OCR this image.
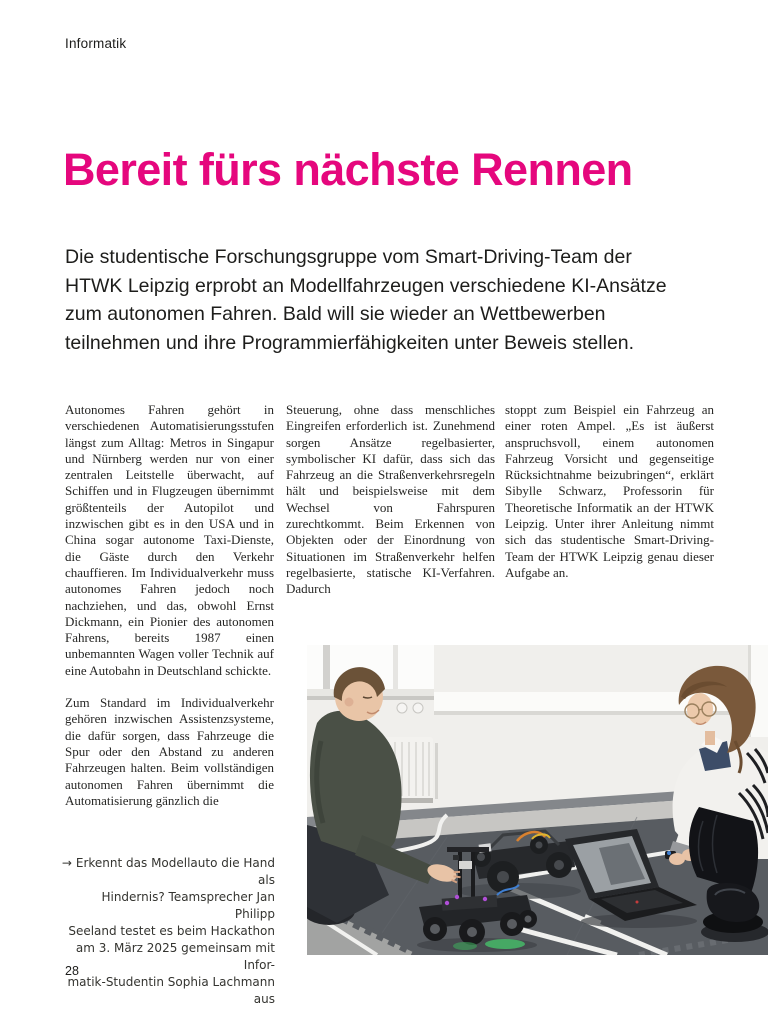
Informatik
Bereit fürs nächste Rennen
Die studentische Forschungsgruppe vom Smart-Driving-Team der
HTWK Leipzig erprobt an Modellfahrzeugen verschiedene KI-Ansätze
zum autonomen Fahren. Bald will sie wieder an Wettbewerben
teilnehmen und ihre Programmierfähigkeiten unter Beweis stellen.

Autonomes Fahren gehört in verschiedenen Automatisierungsstufen längst zum Alltag: Metros in Singapur und Nürnberg werden nur von einer zentralen Leitstelle überwacht, auf Schiffen und in Flugzeugen übernimmt größtenteils der Autopilot und inzwischen gibt es in den USA und in China sogar autonome Taxi-Dienste, die Gäste durch den Verkehr chauffieren. Im Individualverkehr muss autonomes Fahren jedoch noch nachziehen, und das, obwohl Ernst Dickmann, ein Pionier des autonomen Fahrens, bereits 1987 einen unbemannten Wagen voller Technik auf eine Autobahn in Deutschland schickte.

Zum Standard im Individualverkehr gehören inzwischen Assistenzsysteme, die dafür sorgen, dass Fahrzeuge die Spur oder den Abstand zu anderen Fahrzeugen halten. Beim vollständigen autonomen Fahren übernimmt die Automatisierung gänzlich die

Steuerung, ohne dass menschliches Eingreifen erforderlich ist. Zunehmend sorgen Ansätze regelbasierter, symbolischer KI dafür, dass sich das Fahrzeug an die Straßenverkehrsregeln hält und beispielsweise mit dem Wechsel von Fahrspuren zurechtkommt. Beim Erkennen von Objekten oder der Einordnung von Situationen im Straßenverkehr helfen regelbasierte, statische KI-Verfahren. Dadurch

stoppt zum Beispiel ein Fahrzeug an einer roten Ampel. „Es ist äußerst anspruchsvoll, einem autonomen Fahrzeug Vorsicht und gegenseitige Rücksichtnahme beizubringen“, erklärt Sibylle Schwarz, Professorin für Theoretische Informatik an der HTWK Leipzig. Unter ihrer Anleitung nimmt sich das studentische Smart-Driving-Team der HTWK Leipzig genau dieser Aufgabe an.

→ Erkennt das Modellauto die Hand als
Hindernis? Teamsprecher Jan Philipp
Seeland testet es beim Hackathon
am 3. März 2025 gemeinsam mit Infor-
matik-Studentin Sophia Lachmann aus
28
